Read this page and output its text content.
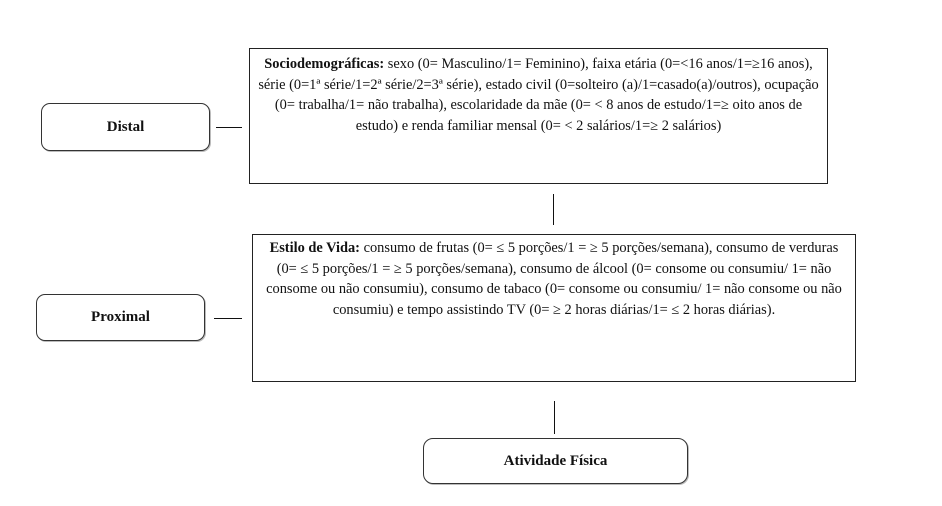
Distal
Sociodemográficas: sexo (0= Masculino/1= Feminino), faixa etária (0=<16 anos/1=≥16 anos), série (0=1ª série/1=2ª série/2=3ª série), estado civil (0=solteiro (a)/1=casado(a)/outros), ocupação (0= trabalha/1= não trabalha), escolaridade da mãe (0= < 8 anos de estudo/1=≥ oito anos de estudo) e renda familiar mensal (0= < 2 salários/1=≥ 2 salários)
Proximal
Estilo de Vida: consumo de frutas (0= ≤ 5 porções/1 = ≥ 5 porções/semana), consumo de verduras (0= ≤ 5 porções/1 = ≥ 5 porções/semana), consumo de álcool (0= consome ou consumiu/ 1= não consome ou não consumiu), consumo de tabaco (0= consome ou consumiu/ 1= não consome ou não consumiu) e tempo assistindo TV (0= ≥ 2 horas diárias/1= ≤ 2 horas diárias).
Atividade Física
